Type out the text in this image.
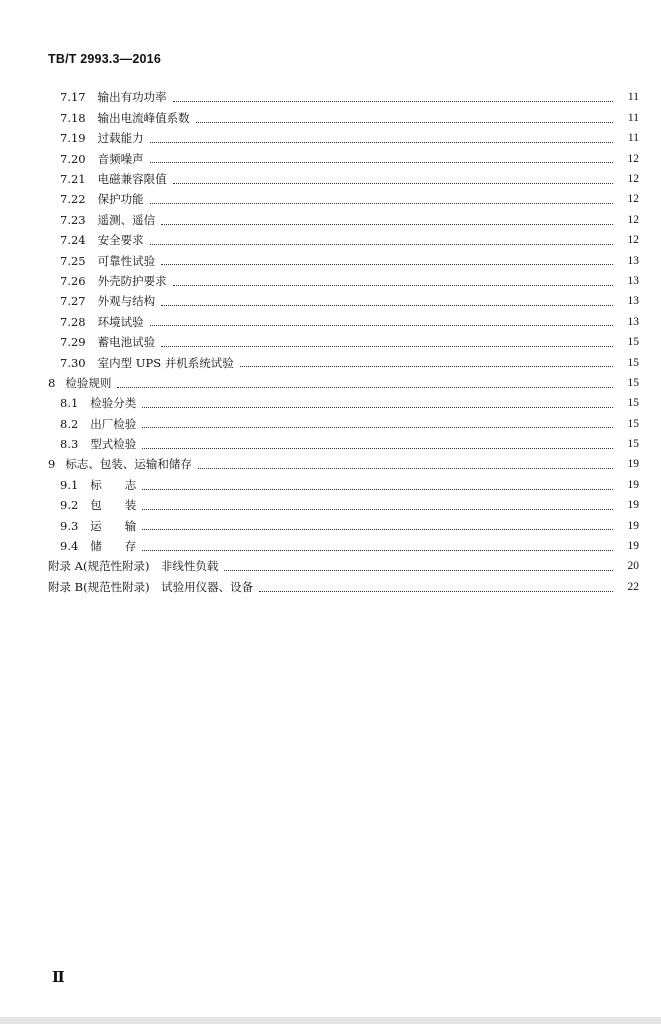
TB/T 2993.3—2016
7.17 输出有功功率	11
7.18 输出电流峰值系数	11
7.19 过载能力	11
7.20 音频噪声	12
7.21 电磁兼容限值	12
7.22 保护功能	12
7.23 遥测、遥信	12
7.24 安全要求	12
7.25 可靠性试验	13
7.26 外壳防护要求	13
7.27 外观与结构	13
7.28 环境试验	13
7.29 蓄电池试验	15
7.30 室内型 UPS 并机系统试验	15
8 检验规则	15
8.1 检验分类	15
8.2 出厂检验	15
8.3 型式检验	15
9 标志、包装、运输和储存	19
9.1 标　　志	19
9.2 包　　装	19
9.3 运　　输	19
9.4 储　　存	19
附录 A(规范性附录)　非线性负载	20
附录 B(规范性附录)　试验用仪器、设备	22
Ⅱ
